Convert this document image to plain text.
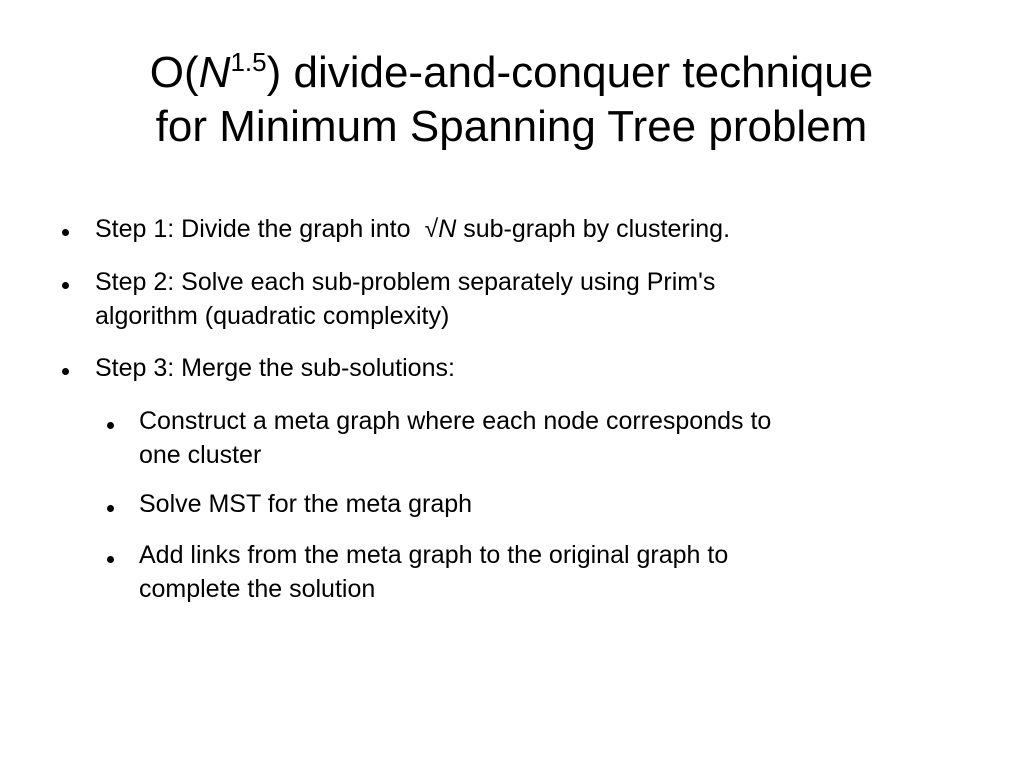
$O(N^{1.5})$ divide-and-conquer technique
for Minimum Spanning Tree problem
Step 1: Divide the graph into √N sub-graph by clustering.
Step 2: Solve each sub-problem separately using Prim's
algorithm (quadratic complexity)
Step 3: Merge the sub-solutions:
Construct a meta graph where each node corresponds to
one cluster
Solve MST for the meta graph
Add links from the meta graph to the original graph to
complete the solution
